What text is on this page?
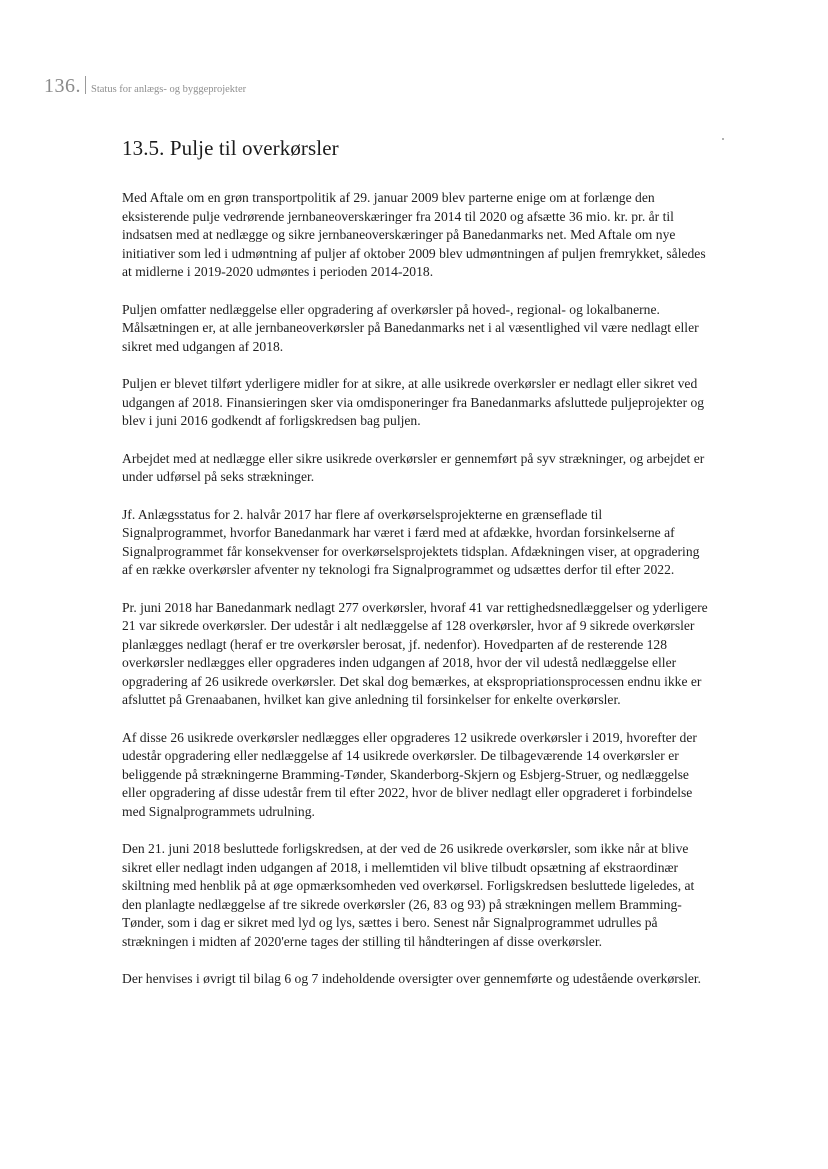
136. Status for anlægs- og byggeprojekter
13.5. Pulje til overkørsler

Med Aftale om en grøn transportpolitik af 29. januar 2009 blev parterne enige om at forlænge den eksisterende pulje vedrørende jernbaneoverskæringer fra 2014 til 2020 og afsætte 36 mio. kr. pr. år til indsatsen med at nedlægge og sikre jernbaneoverskæringer på Banedanmarks net. Med Aftale om nye initiativer som led i udmøntning af puljer af oktober 2009 blev udmøntningen af puljen fremrykket, således at midlerne i 2019-2020 udmøntes i perioden 2014-2018.

Puljen omfatter nedlæggelse eller opgradering af overkørsler på hoved-, regional- og lokalbanerne. Målsætningen er, at alle jernbaneoverkørsler på Banedanmarks net i al væsentlighed vil være nedlagt eller sikret med udgangen af 2018.

Puljen er blevet tilført yderligere midler for at sikre, at alle usikrede overkørsler er nedlagt eller sikret ved udgangen af 2018. Finansieringen sker via omdisponeringer fra Banedanmarks afsluttede puljeprojekter og blev i juni 2016 godkendt af forligskredsen bag puljen.

Arbejdet med at nedlægge eller sikre usikrede overkørsler er gennemført på syv strækninger, og arbejdet er under udførsel på seks strækninger.

Jf. Anlægsstatus for 2. halvår 2017 har flere af overkørselsprojekterne en grænseflade til Signalprogrammet, hvorfor Banedanmark har været i færd med at afdække, hvordan forsinkelserne af Signalprogrammet får konsekvenser for overkørselsprojektets tidsplan. Afdækningen viser, at opgradering af en række overkørsler afventer ny teknologi fra Signalprogrammet og udsættes derfor til efter 2022.

Pr. juni 2018 har Banedanmark nedlagt 277 overkørsler, hvoraf 41 var rettighedsnedlæggelser og yderligere 21 var sikrede overkørsler. Der udestår i alt nedlæggelse af 128 overkørsler, hvor af 9 sikrede overkørsler planlægges nedlagt (heraf er tre overkørsler berosat, jf. nedenfor). Hovedparten af de resterende 128 overkørsler nedlægges eller opgraderes inden udgangen af 2018, hvor der vil udestå nedlæggelse eller opgradering af 26 usikrede overkørsler. Det skal dog bemærkes, at ekspropriationsprocessen endnu ikke er afsluttet på Grenaabanen, hvilket kan give anledning til forsinkelser for enkelte overkørsler.

Af disse 26 usikrede overkørsler nedlægges eller opgraderes 12 usikrede overkørsler i 2019, hvorefter der udestår opgradering eller nedlæggelse af 14 usikrede overkørsler. De tilbageværende 14 overkørsler er beliggende på strækningerne Bramming-Tønder, Skanderborg-Skjern og Esbjerg-Struer, og nedlæggelse eller opgradering af disse udestår frem til efter 2022, hvor de bliver nedlagt eller opgraderet i forbindelse med Signalprogrammets udrulning.

Den 21. juni 2018 besluttede forligskredsen, at der ved de 26 usikrede overkørsler, som ikke når at blive sikret eller nedlagt inden udgangen af 2018, i mellemtiden vil blive tilbudt opsætning af ekstraordinær skiltning med henblik på at øge opmærksomheden ved overkørsel. Forligskredsen besluttede ligeledes, at den planlagte nedlæggelse af tre sikrede overkørsler (26, 83 og 93) på strækningen mellem Bramming-Tønder, som i dag er sikret med lyd og lys, sættes i bero. Senest når Signalprogrammet udrulles på strækningen i midten af 2020'erne tages der stilling til håndteringen af disse overkørsler.

Der henvises i øvrigt til bilag 6 og 7 indeholdende oversigter over gennemførte og udestående overkørsler.
